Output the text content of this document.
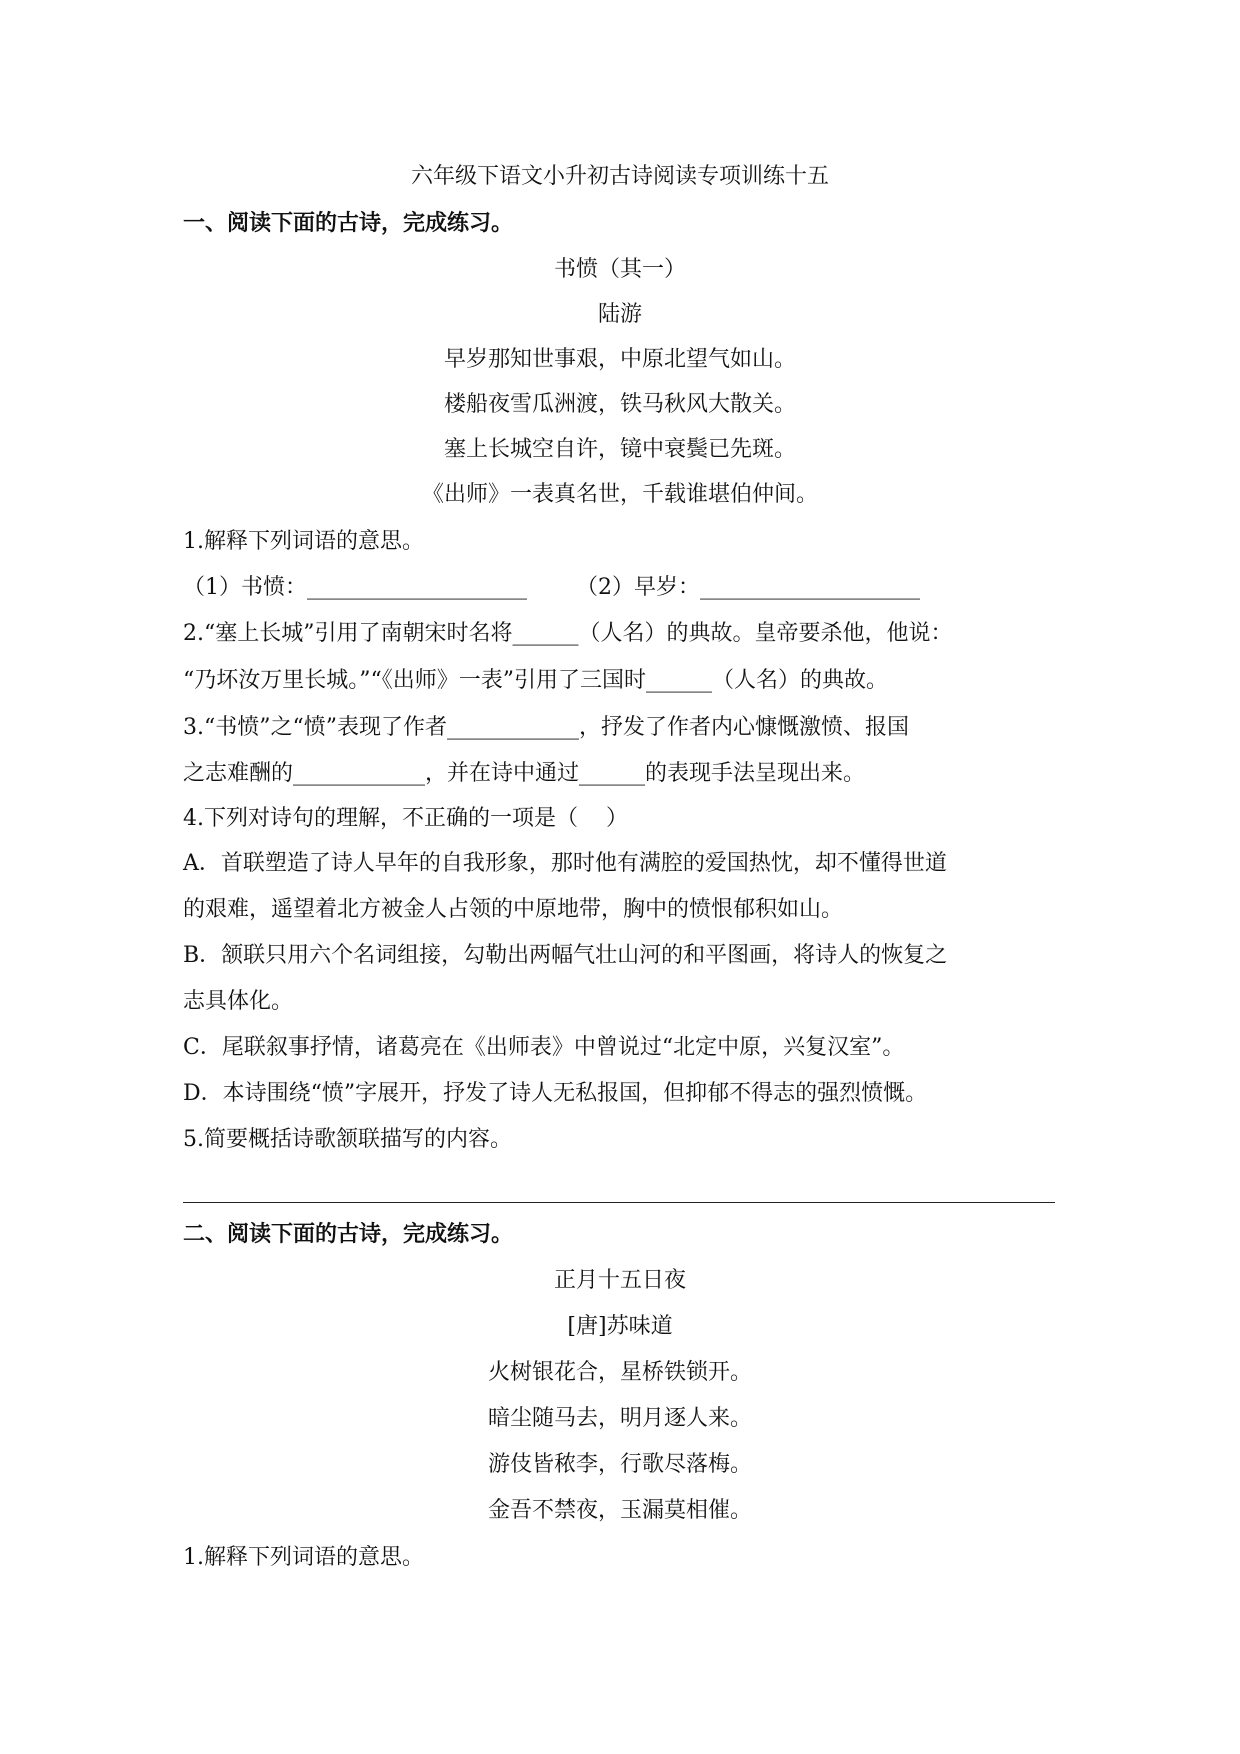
六年级下语文小升初古诗阅读专项训练十五
一、阅读下面的古诗，完成练习。
书愤（其一）
陆游
早岁那知世事艰，中原北望气如山。
楼船夜雪瓜洲渡，铁马秋风大散关。
塞上长城空自许，镜中衰鬓已先斑。
《出师》一表真名世，千载谁堪伯仲间。
1.解释下列词语的意思。
（1）书愤：____________________       （2）早岁：____________________
2.“塞上长城”引用了南朝宋时名将______（人名）的典故。皇帝要杀他，他说：
“乃坏汝万里长城。”“《出师》一表”引用了三国时______（人名）的典故。
3.“书愤”之“愤”表现了作者____________，抒发了作者内心慷慨激愤、报国
之志难酬的____________，并在诗中通过______的表现手法呈现出来。
4.下列对诗句的理解，不正确的一项是（    ）
A．首联塑造了诗人早年的自我形象，那时他有满腔的爱国热忱，却不懂得世道
的艰难，遥望着北方被金人占领的中原地带，胸中的愤恨郁积如山。
B．颔联只用六个名词组接，勾勒出两幅气壮山河的和平图画，将诗人的恢复之
志具体化。
C．尾联叙事抒情，诸葛亮在《出师表》中曾说过“北定中原，兴复汉室”。
D．本诗围绕“愤”字展开，抒发了诗人无私报国，但抑郁不得志的强烈愤慨。
5.简要概括诗歌颔联描写的内容。
二、阅读下面的古诗，完成练习。
正月十五日夜
[唐]苏味道
火树银花合，星桥铁锁开。
暗尘随马去，明月逐人来。
游伎皆秾李，行歌尽落梅。
金吾不禁夜，玉漏莫相催。
1.解释下列词语的意思。
